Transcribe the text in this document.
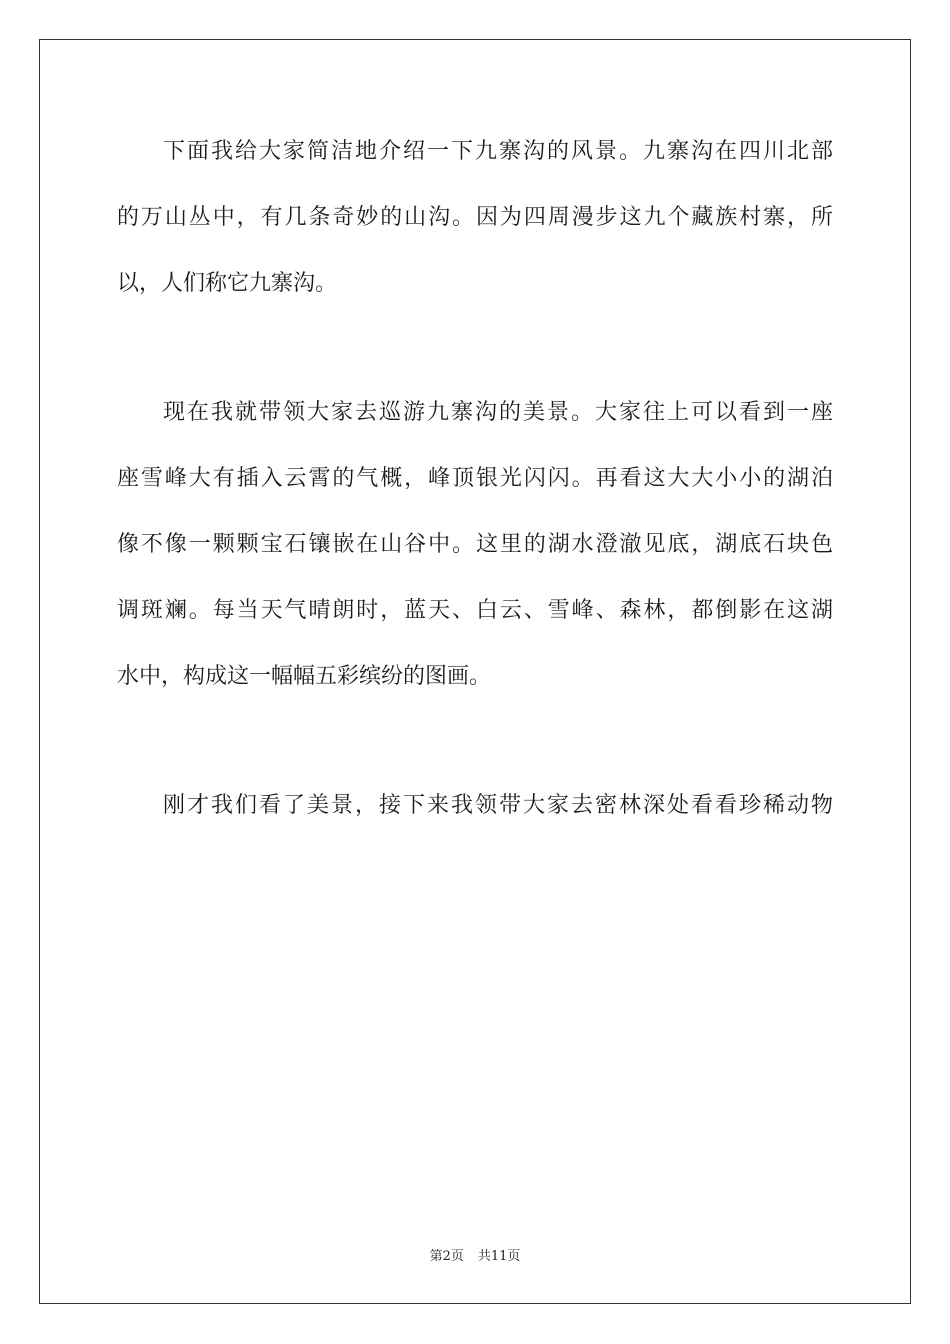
下面我给大家简洁地介绍一下九寨沟的风景。九寨沟在四川北部
的万山丛中，有几条奇妙的山沟。因为四周漫步这九个藏族村寨，所
以，人们称它九寨沟。
现在我就带领大家去巡游九寨沟的美景。大家往上可以看到一座
座雪峰大有插入云霄的气概，峰顶银光闪闪。再看这大大小小的湖泊
像不像一颗颗宝石镶嵌在山谷中。这里的湖水澄澈见底，湖底石块色
调斑斓。每当天气晴朗时，蓝天、白云、雪峰、森林，都倒影在这湖
水中，构成这一幅幅五彩缤纷的图画。
刚才我们看了美景，接下来我领带大家去密林深处看看珍稀动物
第2页 共11页
